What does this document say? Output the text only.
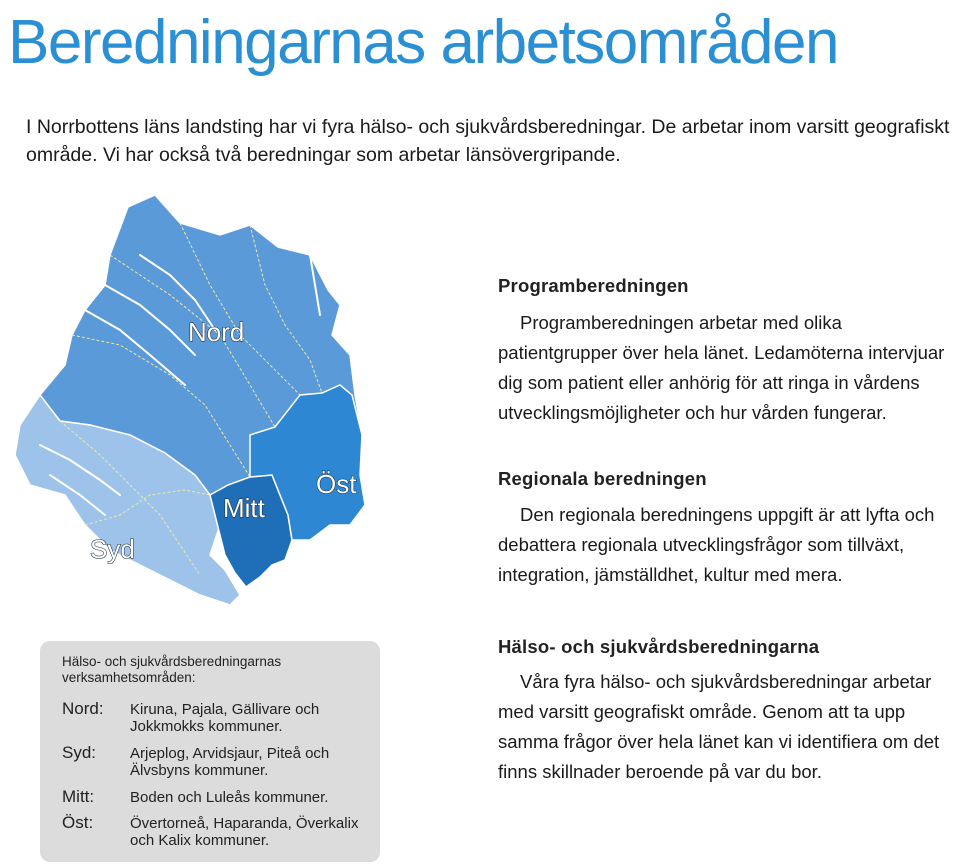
Beredningarnas arbetsområden
I Norrbottens läns landsting har vi fyra hälso- och sjukvårdsberedningar. De arbetar inom varsitt geografiskt område. Vi har också två beredningar som arbetar länsövergripande.
Nord
Mitt
Öst
Syd
Programberedningen
Programberedningen arbetar med olika patientgrupper över hela länet. Ledamöterna intervjuar dig som patient eller anhörig för att ringa in vårdens utvecklingsmöjligheter och hur vården fungerar.
Regionala beredningen
Den regionala beredningens uppgift är att lyfta och debattera regionala utvecklingsfrågor som tillväxt, integration, jämställdhet, kultur med mera.
Hälso- och sjukvårdsberedningarna
Våra fyra hälso- och sjukvårdsberedningar arbetar med varsitt geografiskt område. Genom att ta upp samma frågor över hela länet kan vi identifiera om det finns skillnader beroende på var du bor.
Hälso- och sjukvårdsberedningarnas verksamhetsområden:
Nord: Kiruna, Pajala, Gällivare och Jokkmokks kommuner.
Syd: Arjeplog, Arvidsjaur, Piteå och Älvsbyns kommuner.
Mitt: Boden och Luleås kommuner.
Öst: Övertorneå, Haparanda, Överkalix och Kalix kommuner.
